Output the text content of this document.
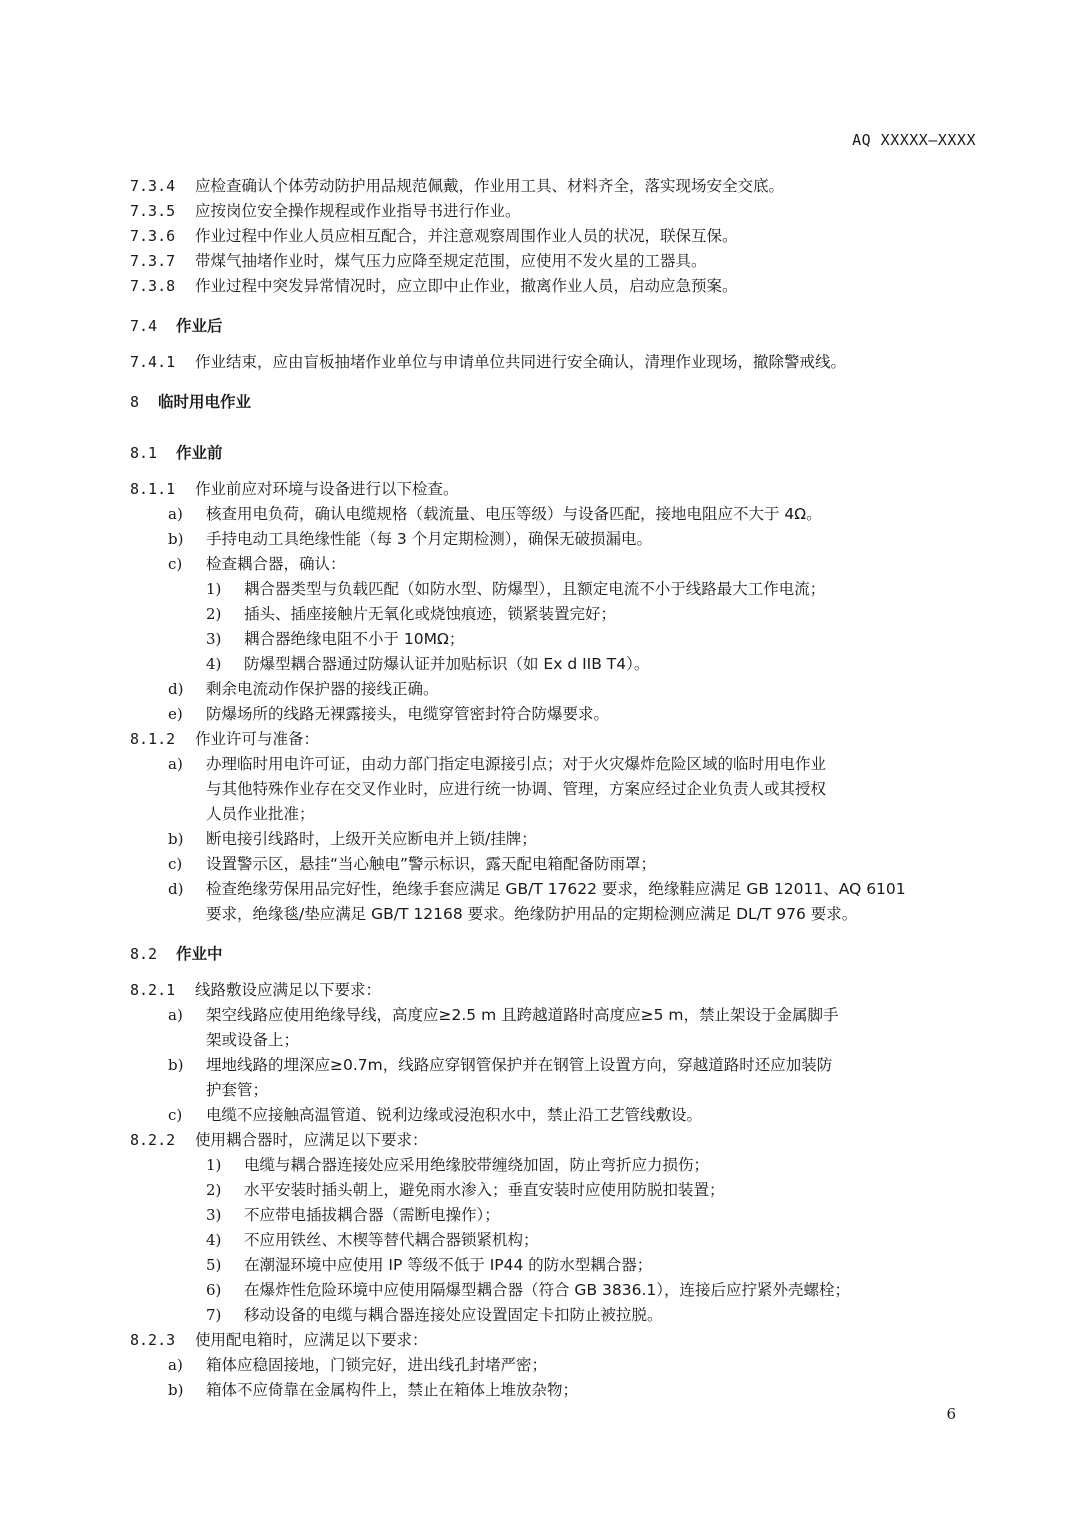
AQ XXXXX—XXXX
7.3.4 应检查确认个体劳动防护用品规范佩戴，作业用工具、材料齐全，落实现场安全交底。
7.3.5 应按岗位安全操作规程或作业指导书进行作业。
7.3.6 作业过程中作业人员应相互配合，并注意观察周围作业人员的状况，联保互保。
7.3.7 带煤气抽堵作业时，煤气压力应降至规定范围，应使用不发火星的工器具。
7.3.8 作业过程中突发异常情况时，应立即中止作业，撤离作业人员，启动应急预案。
7.4 作业后
7.4.1 作业结束，应由盲板抽堵作业单位与申请单位共同进行安全确认，清理作业现场，撤除警戒线。
8 临时用电作业
8.1 作业前
8.1.1 作业前应对环境与设备进行以下检查。
a) 核查用电负荷，确认电缆规格（载流量、电压等级）与设备匹配，接地电阻应不大于 4Ω。
b) 手持电动工具绝缘性能（每 3 个月定期检测），确保无破损漏电。
c) 检查耦合器，确认：
1) 耦合器类型与负载匹配（如防水型、防爆型），且额定电流不小于线路最大工作电流；
2) 插头、插座接触片无氧化或烧蚀痕迹，锁紧装置完好；
3) 耦合器绝缘电阻不小于 10MΩ；
4) 防爆型耦合器通过防爆认证并加贴标识（如 Ex d IIB T4）。
d) 剩余电流动作保护器的接线正确。
e) 防爆场所的线路无裸露接头，电缆穿管密封符合防爆要求。
8.1.2 作业许可与准备：
a) 办理临时用电许可证，由动力部门指定电源接引点；对于火灾爆炸危险区域的临时用电作业
与其他特殊作业存在交叉作业时，应进行统一协调、管理，方案应经过企业负责人或其授权
人员作业批准；
b) 断电接引线路时，上级开关应断电并上锁/挂牌；
c) 设置警示区，悬挂“当心触电”警示标识，露天配电箱配备防雨罩；
d) 检查绝缘劳保用品完好性，绝缘手套应满足 GB/T 17622 要求，绝缘鞋应满足 GB 12011、AQ 6101
要求，绝缘毯/垫应满足 GB/T 12168 要求。绝缘防护用品的定期检测应满足 DL/T 976 要求。
8.2 作业中
8.2.1 线路敷设应满足以下要求：
a) 架空线路应使用绝缘导线，高度应≥2.5 m 且跨越道路时高度应≥5 m，禁止架设于金属脚手
架或设备上；
b) 埋地线路的埋深应≥0.7m，线路应穿钢管保护并在钢管上设置方向，穿越道路时还应加装防
护套管；
c) 电缆不应接触高温管道、锐利边缘或浸泡积水中，禁止沿工艺管线敷设。
8.2.2 使用耦合器时，应满足以下要求：
1) 电缆与耦合器连接处应采用绝缘胶带缠绕加固，防止弯折应力损伤；
2) 水平安装时插头朝上，避免雨水渗入；垂直安装时应使用防脱扣装置；
3) 不应带电插拔耦合器（需断电操作）；
4) 不应用铁丝、木楔等替代耦合器锁紧机构；
5) 在潮湿环境中应使用 IP 等级不低于 IP44 的防水型耦合器；
6) 在爆炸性危险环境中应使用隔爆型耦合器（符合 GB 3836.1），连接后应拧紧外壳螺栓；
7) 移动设备的电缆与耦合器连接处应设置固定卡扣防止被拉脱。
8.2.3 使用配电箱时，应满足以下要求：
a) 箱体应稳固接地，门锁完好，进出线孔封堵严密；
b) 箱体不应倚靠在金属构件上，禁止在箱体上堆放杂物；
6
